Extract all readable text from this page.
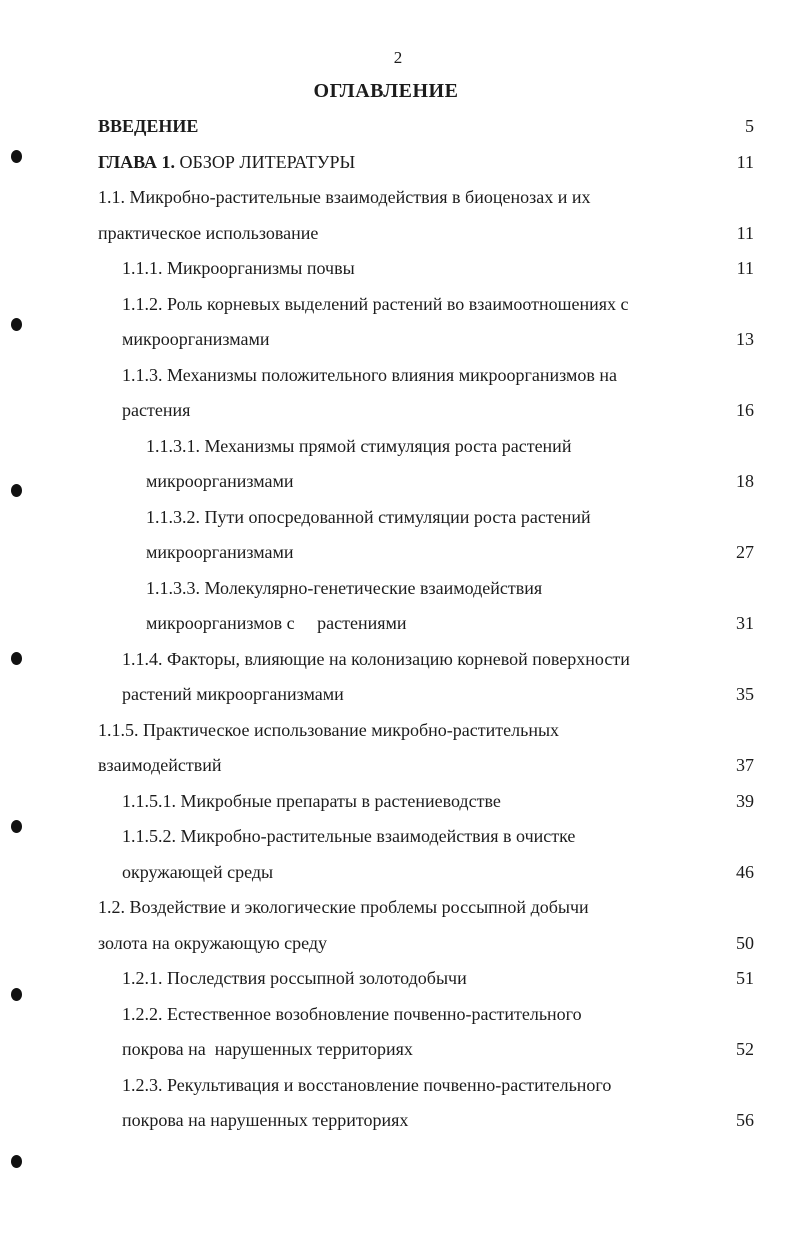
2
ОГЛАВЛЕНИЕ
ВВЕДЕНИЕ	5
ГЛАВА 1. ОБЗОР ЛИТЕРАТУРЫ	11
1.1. Микробно-растительные взаимодействия в биоценозах и их
практическое использование	11
1.1.1. Микроорганизмы почвы	11
1.1.2. Роль корневых выделений растений во взаимоотношениях с
микроорганизмами	13
1.1.3. Механизмы положительного влияния микроорганизмов на
растения	16
1.1.3.1. Механизмы прямой стимуляция роста растений
микроорганизмами	18
1.1.3.2. Пути опосредованной стимуляции роста растений
микроорганизмами	27
1.1.3.3. Молекулярно-генетические взаимодействия
микроорганизмов с     растениями	31
1.1.4. Факторы, влияющие на колонизацию корневой поверхности
растений микроорганизмами	35
1.1.5. Практическое использование микробно-растительных
взаимодействий	37
1.1.5.1. Микробные препараты в растениеводстве	39
1.1.5.2. Микробно-растительные взаимодействия в очистке
окружающей среды	46
1.2. Воздействие и экологические проблемы россыпной добычи
золота на окружающую среду	50
1.2.1. Последствия россыпной золотодобычи	51
1.2.2. Естественное возобновление почвенно-растительного
покрова на  нарушенных территориях	52
1.2.3. Рекультивация и восстановление почвенно-растительного
покрова на нарушенных территориях	56
